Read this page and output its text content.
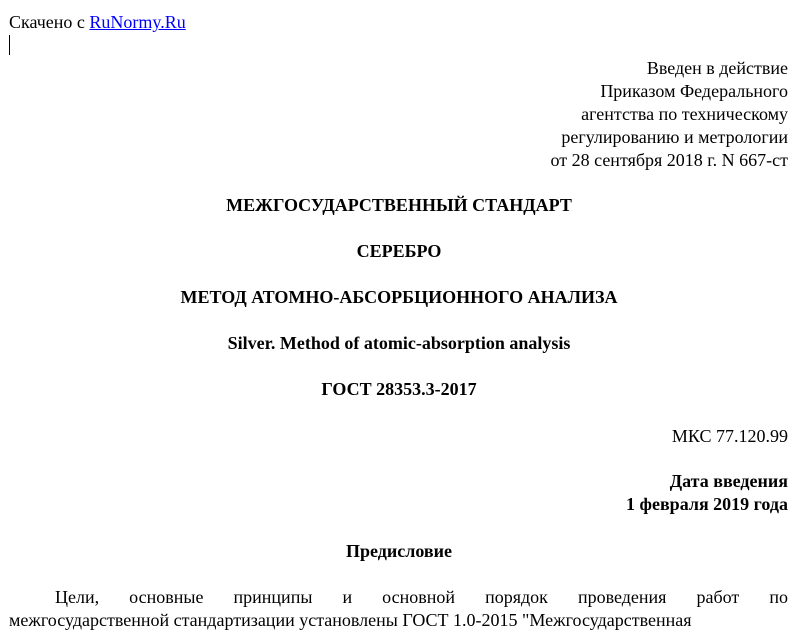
Скачено с RuNormy.Ru
Введен в действие
Приказом Федерального
агентства по техническому
регулированию и метрологии
от 28 сентября 2018 г. N 667-ст
МЕЖГОСУДАРСТВЕННЫЙ СТАНДАРТ
СЕРЕБРО
МЕТОД АТОМНО-АБСОРБЦИОННОГО АНАЛИЗА
Silver. Method of atomic-absorption analysis
ГОСТ 28353.3-2017
МКС 77.120.99
Дата введения
1 февраля 2019 года
Предисловие
Цели, основные принципы и основной порядок проведения работ по
межгосударственной стандартизации установлены ГОСТ 1.0-2015 "Межгосударственная
